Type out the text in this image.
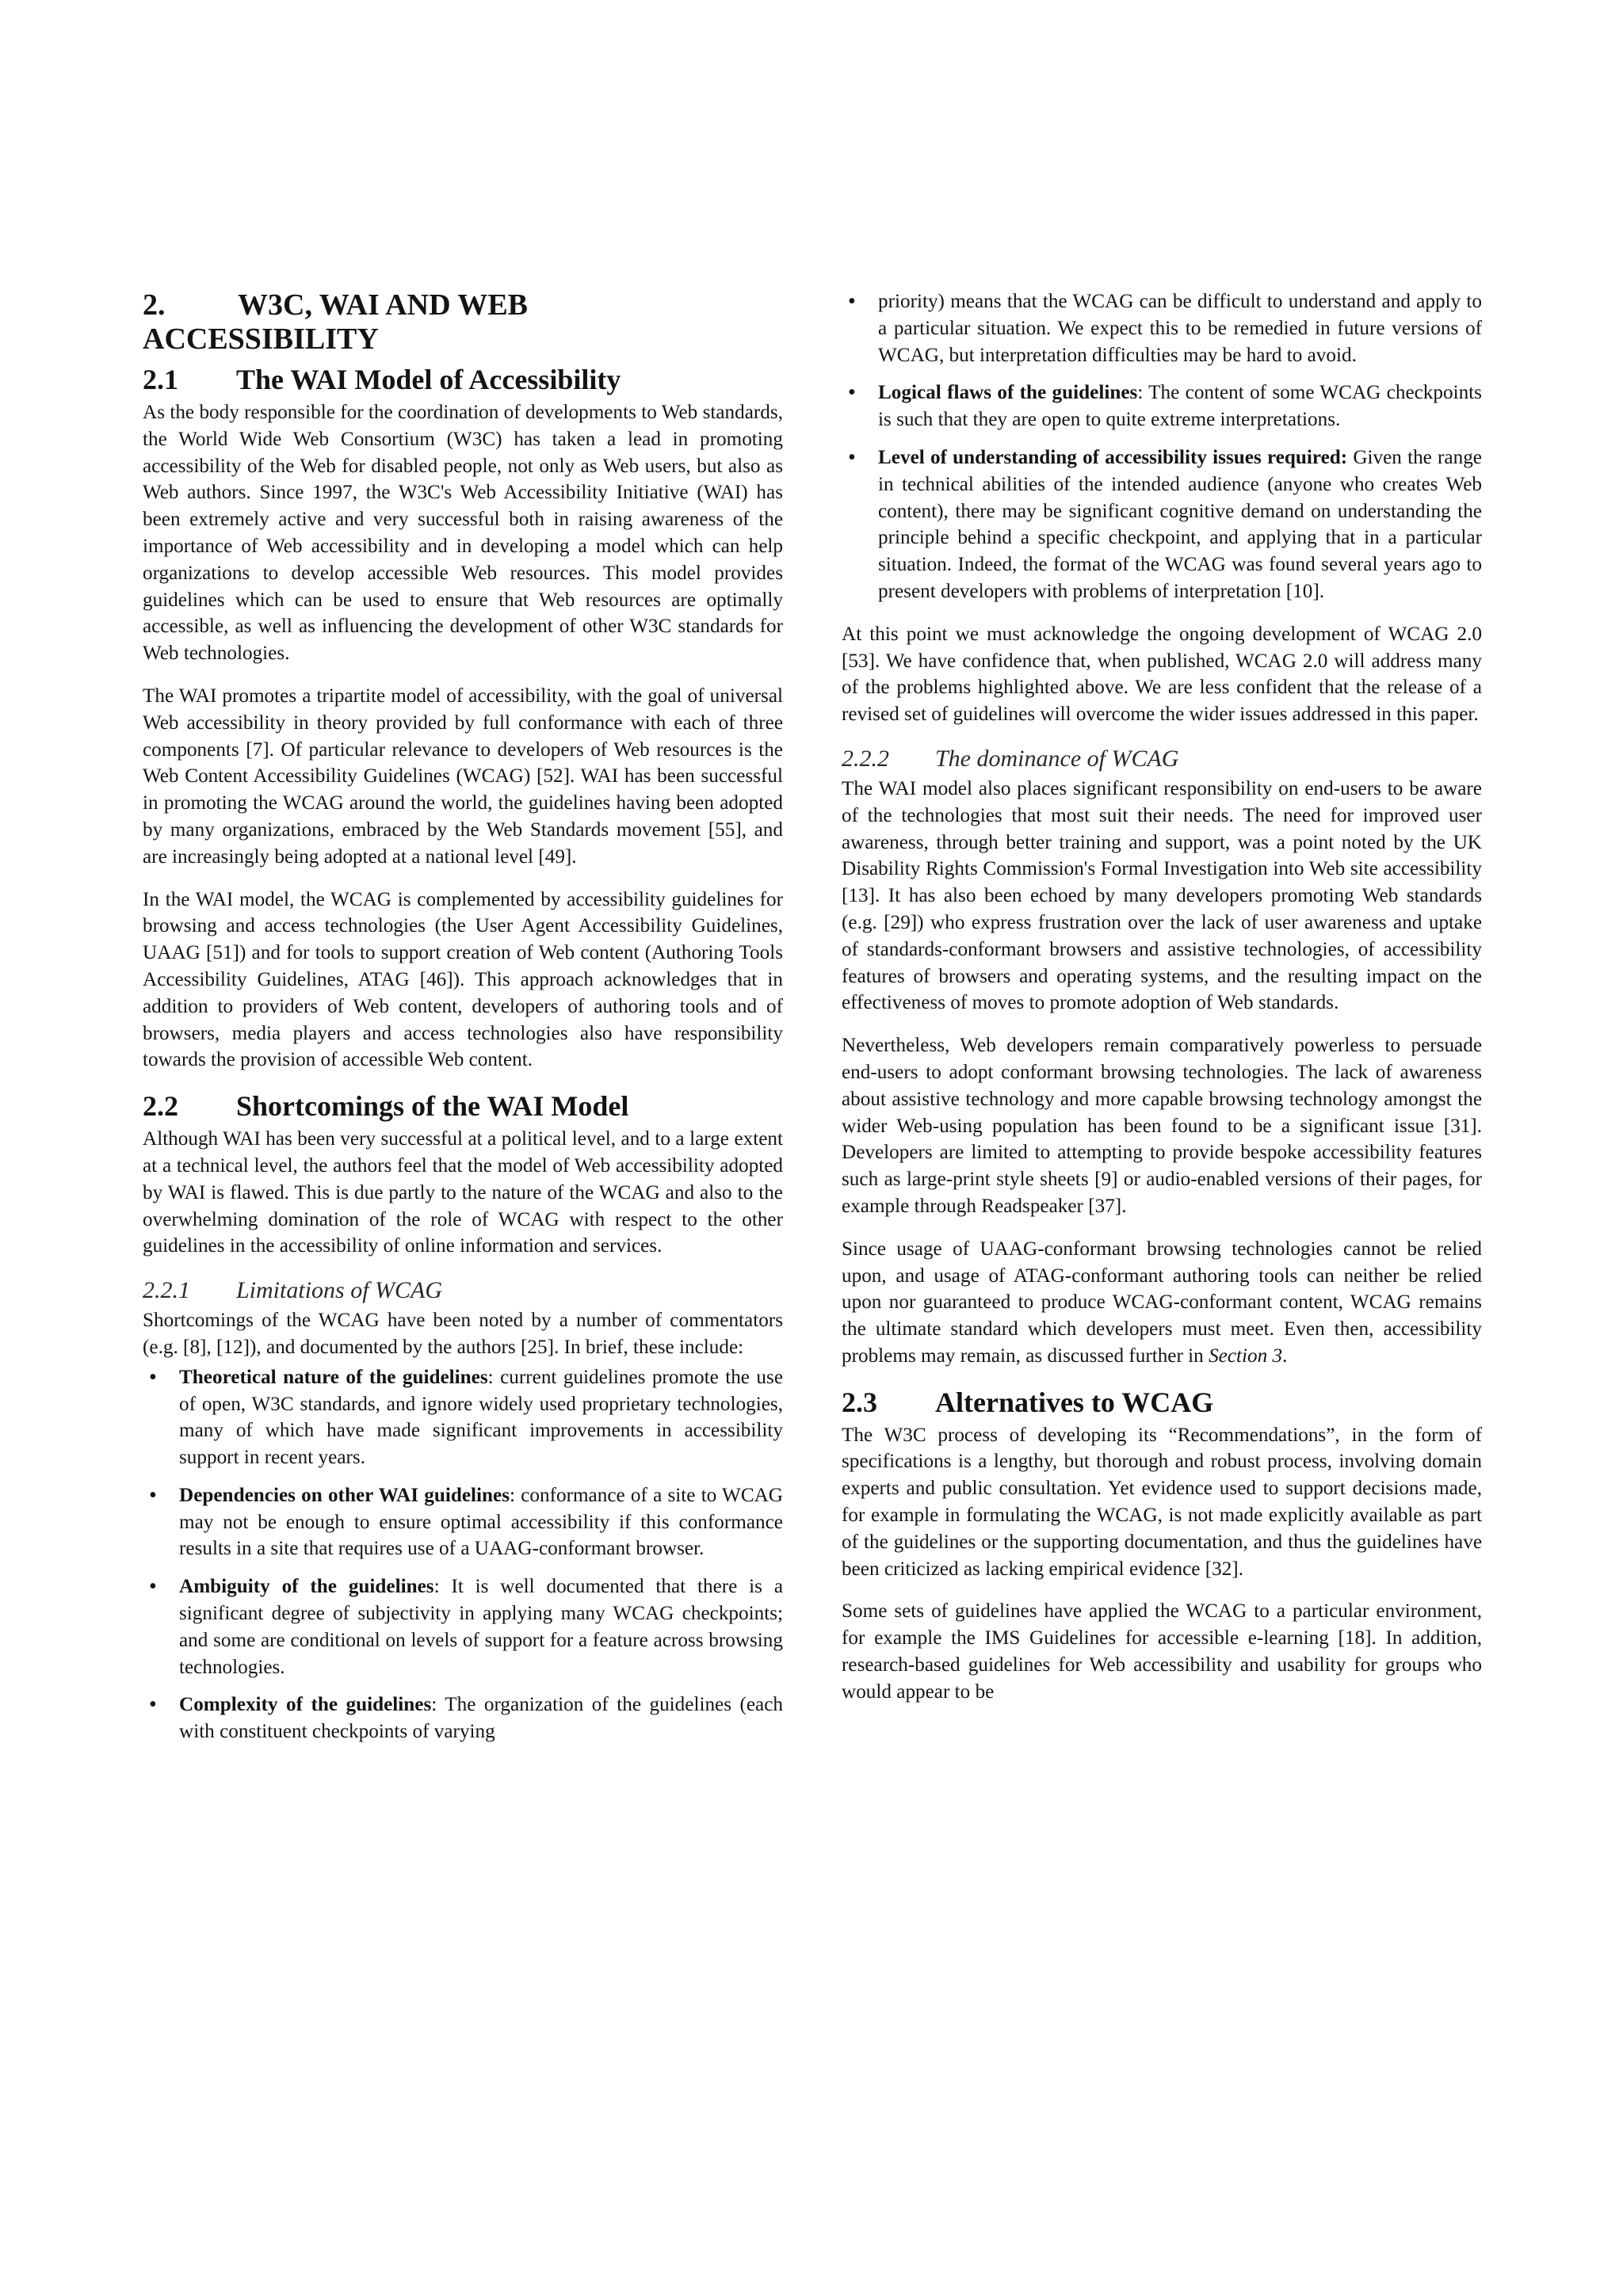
2. W3C, WAI AND WEB
ACCESSIBILITY
2.1 The WAI Model of Accessibility

As the body responsible for the coordination of developments to Web standards, the World Wide Web Consortium (W3C) has taken a lead in promoting accessibility of the Web for disabled people, not only as Web users, but also as Web authors. Since 1997, the W3C's Web Accessibility Initiative (WAI) has been extremely active and very successful both in raising awareness of the importance of Web accessibility and in developing a model which can help organizations to develop accessible Web resources. This model provides guidelines which can be used to ensure that Web resources are optimally accessible, as well as influencing the development of other W3C standards for Web technologies.

The WAI promotes a tripartite model of accessibility, with the goal of universal Web accessibility in theory provided by full conformance with each of three components [7]. Of particular relevance to developers of Web resources is the Web Content Accessibility Guidelines (WCAG) [52]. WAI has been successful in promoting the WCAG around the world, the guidelines having been adopted by many organizations, embraced by the Web Standards movement [55], and are increasingly being adopted at a national level [49].

In the WAI model, the WCAG is complemented by accessibility guidelines for browsing and access technologies (the User Agent Accessibility Guidelines, UAAG [51]) and for tools to support creation of Web content (Authoring Tools Accessibility Guidelines, ATAG [46]). This approach acknowledges that in addition to providers of Web content, developers of authoring tools and of browsers, media players and access technologies also have responsibility towards the provision of accessible Web content.

2.2 Shortcomings of the WAI Model

Although WAI has been very successful at a political level, and to a large extent at a technical level, the authors feel that the model of Web accessibility adopted by WAI is flawed. This is due partly to the nature of the WCAG and also to the overwhelming domination of the role of WCAG with respect to the other guidelines in the accessibility of online information and services.

2.2.1 Limitations of WCAG

Shortcomings of the WCAG have been noted by a number of commentators (e.g. [8], [12]), and documented by the authors [25]. In brief, these include:

• Theoretical nature of the guidelines: current guidelines promote the use of open, W3C standards, and ignore widely used proprietary technologies, many of which have made significant improvements in accessibility support in recent years.
• Dependencies on other WAI guidelines: conformance of a site to WCAG may not be enough to ensure optimal accessibility if this conformance results in a site that requires use of a UAAG-conformant browser.
• Ambiguity of the guidelines: It is well documented that there is a significant degree of subjectivity in applying many WCAG checkpoints; and some are conditional on levels of support for a feature across browsing technologies.
• Complexity of the guidelines: The organization of the guidelines (each with constituent checkpoints of varying
• priority) means that the WCAG can be difficult to understand and apply to a particular situation. We expect this to be remedied in future versions of WCAG, but interpretation difficulties may be hard to avoid.
• Logical flaws of the guidelines: The content of some WCAG checkpoints is such that they are open to quite extreme interpretations.
• Level of understanding of accessibility issues required: Given the range in technical abilities of the intended audience (anyone who creates Web content), there may be significant cognitive demand on understanding the principle behind a specific checkpoint, and applying that in a particular situation. Indeed, the format of the WCAG was found several years ago to present developers with problems of interpretation [10].

At this point we must acknowledge the ongoing development of WCAG 2.0 [53]. We have confidence that, when published, WCAG 2.0 will address many of the problems highlighted above. We are less confident that the release of a revised set of guidelines will overcome the wider issues addressed in this paper.

2.2.2 The dominance of WCAG

The WAI model also places significant responsibility on end-users to be aware of the technologies that most suit their needs. The need for improved user awareness, through better training and support, was a point noted by the UK Disability Rights Commission's Formal Investigation into Web site accessibility [13]. It has also been echoed by many developers promoting Web standards (e.g. [29]) who express frustration over the lack of user awareness and uptake of standards-conformant browsers and assistive technologies, of accessibility features of browsers and operating systems, and the resulting impact on the effectiveness of moves to promote adoption of Web standards.

Nevertheless, Web developers remain comparatively powerless to persuade end-users to adopt conformant browsing technologies. The lack of awareness about assistive technology and more capable browsing technology amongst the wider Web-using population has been found to be a significant issue [31]. Developers are limited to attempting to provide bespoke accessibility features such as large-print style sheets [9] or audio-enabled versions of their pages, for example through Readspeaker [37].

Since usage of UAAG-conformant browsing technologies cannot be relied upon, and usage of ATAG-conformant authoring tools can neither be relied upon nor guaranteed to produce WCAG-conformant content, WCAG remains the ultimate standard which developers must meet. Even then, accessibility problems may remain, as discussed further in Section 3.

2.3 Alternatives to WCAG

The W3C process of developing its “Recommendations”, in the form of specifications is a lengthy, but thorough and robust process, involving domain experts and public consultation. Yet evidence used to support decisions made, for example in formulating the WCAG, is not made explicitly available as part of the guidelines or the supporting documentation, and thus the guidelines have been criticized as lacking empirical evidence [32].

Some sets of guidelines have applied the WCAG to a particular environment, for example the IMS Guidelines for accessible e-learning [18]. In addition, research-based guidelines for Web accessibility and usability for groups who would appear to be
